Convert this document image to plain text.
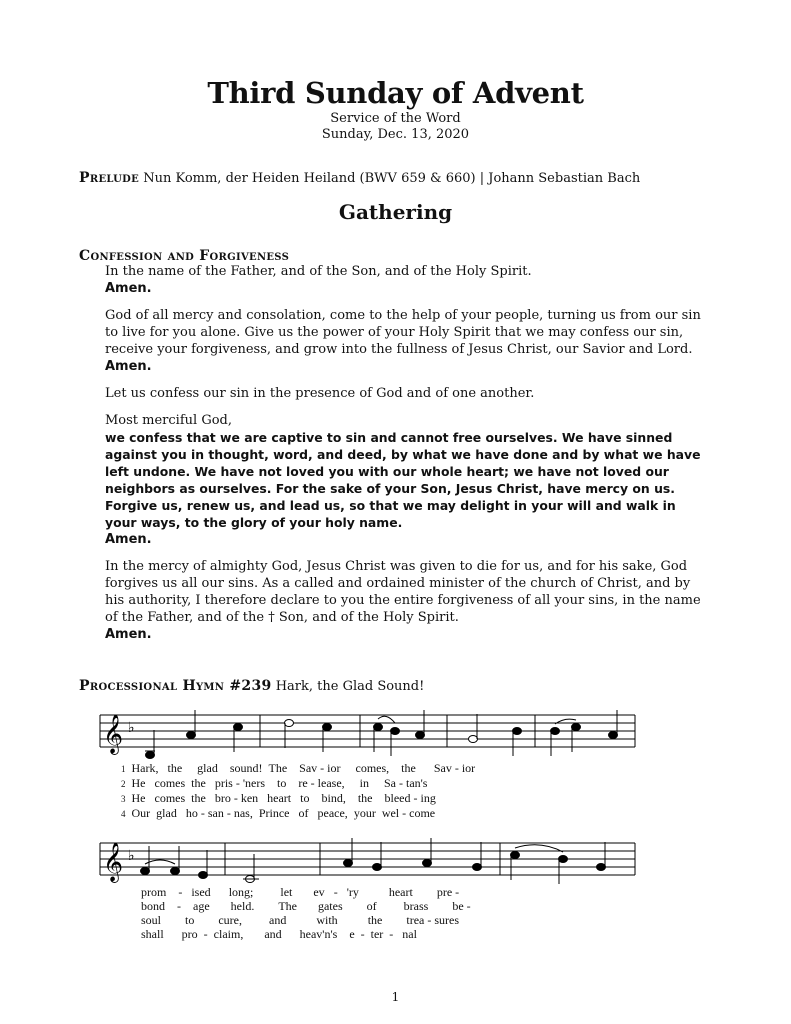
Third Sunday of Advent
Service of the Word
Sunday, Dec. 13, 2020
Prelude Nun Komm, der Heiden Heiland (BWV 659 & 660) | Johann Sebastian Bach
Gathering
Confession and Forgiveness

In the name of the Father, and of the Son, and of the Holy Spirit.

Amen.

God of all mercy and consolation, come to the help of your people, turning us from our sin to live for you alone. Give us the power of your Holy Spirit that we may confess our sin, receive your forgiveness, and grow into the fullness of Jesus Christ, our Savior and Lord.

Amen.

Let us confess our sin in the presence of God and of one another.

Most merciful God,

we confess that we are captive to sin and cannot free ourselves. We have sinned against you in thought, word, and deed, by what we have done and by what we have left undone. We have not loved you with our whole heart; we have not loved our neighbors as ourselves. For the sake of your Son, Jesus Christ, have mercy on us. Forgive us, renew us, and lead us, so that we may delight in your will and walk in your ways, to the glory of your holy name.

Amen.

In the mercy of almighty God, Jesus Christ was given to die for us, and for his sake, God forgives us all our sins. As a called and ordained minister of the church of Christ, and by his authority, I therefore declare to you the entire forgiveness of all your sins, in the name of the Father, and of the † Son, and of the Holy Spirit.

Amen.

Processional Hymn #239 Hark, the Glad Sound!
𝄞 ♭
1 Hark, the glad sound! The Sav - ior comes, the Sav - ior
2 He comes the pris - 'ners to re - lease, in Sa - tan's
3 He comes the bro - ken heart to bind, the bleed - ing
4 Our glad ho - san - nas, Prince of peace, your wel - come
𝄞 ♭
prom - ised long; let ev - 'ry	heart pre -
bond - age held. The gates of brass be -
soul to cure, and	with	the trea - sures
shall pro - claim, and heav'n's e - ter - nal
1
